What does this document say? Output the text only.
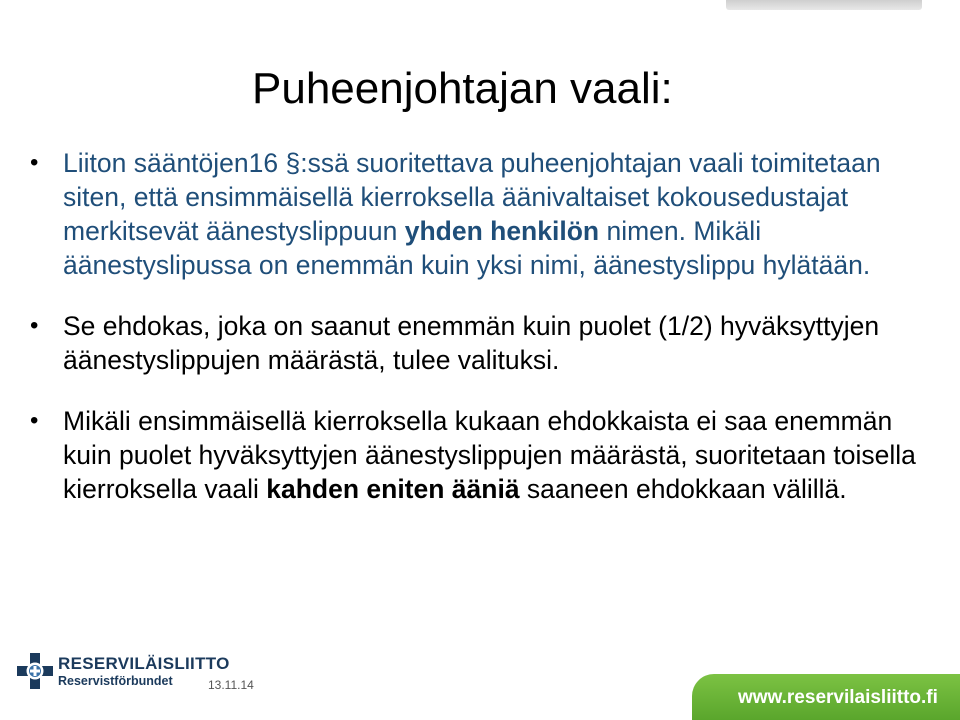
Puheenjohtajan vaali:
• Liiton sääntöjen16 §:ssä suoritettava puheenjohtajan vaali toimitetaan siten, että ensimmäisellä kierroksella äänivaltaiset kokousedustajat merkitsevät äänestyslippuun yhden henkilön nimen. Mikäli äänestyslipussa on enemmän kuin yksi nimi, äänestyslippu hylätään.
• Se ehdokas, joka on saanut enemmän kuin puolet (1/2) hyväksyttyjen äänestyslippujen määrästä, tulee valituksi.
• Mikäli ensimmäisellä kierroksella kukaan ehdokkaista ei saa enemmän kuin puolet hyväksyttyjen äänestyslippujen määrästä, suoritetaan toisella kierroksella vaali kahden eniten ääniä saaneen ehdokkaan välillä.
RESERVILÄISLIITTO
Reservistförbundet	13.11.14
www.reservilaisliitto.fi
